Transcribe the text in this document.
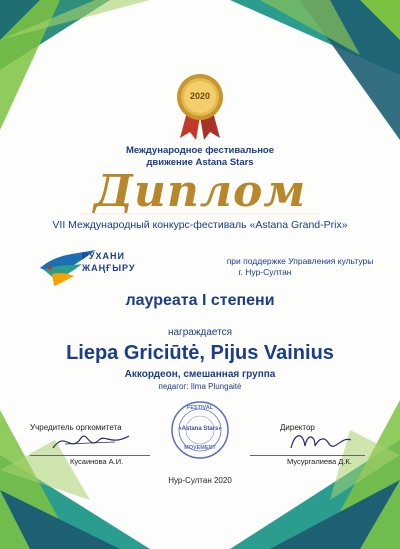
2020
Международное фестивальное
движение Astana Stars
Диплом
VII Международный конкурс-фестиваль «Astana Grand-Prix»
РУХАНИ
ЖАҢҒЫРУ
при поддержке Управления культуры
г. Нур-Султан
лауреата I степени
награждается
Liepa Griciūtė, Pijus Vainius
Аккордеон, смешанная группа
педагог: Ilma Plungaitė
Учредитель оргкомитета
Кусаинова А.И.
FESTIVAL
«Astana Stars»
MOVEMENT
Директор
Мусургалиева Д.К.
Нур-Султан 2020
